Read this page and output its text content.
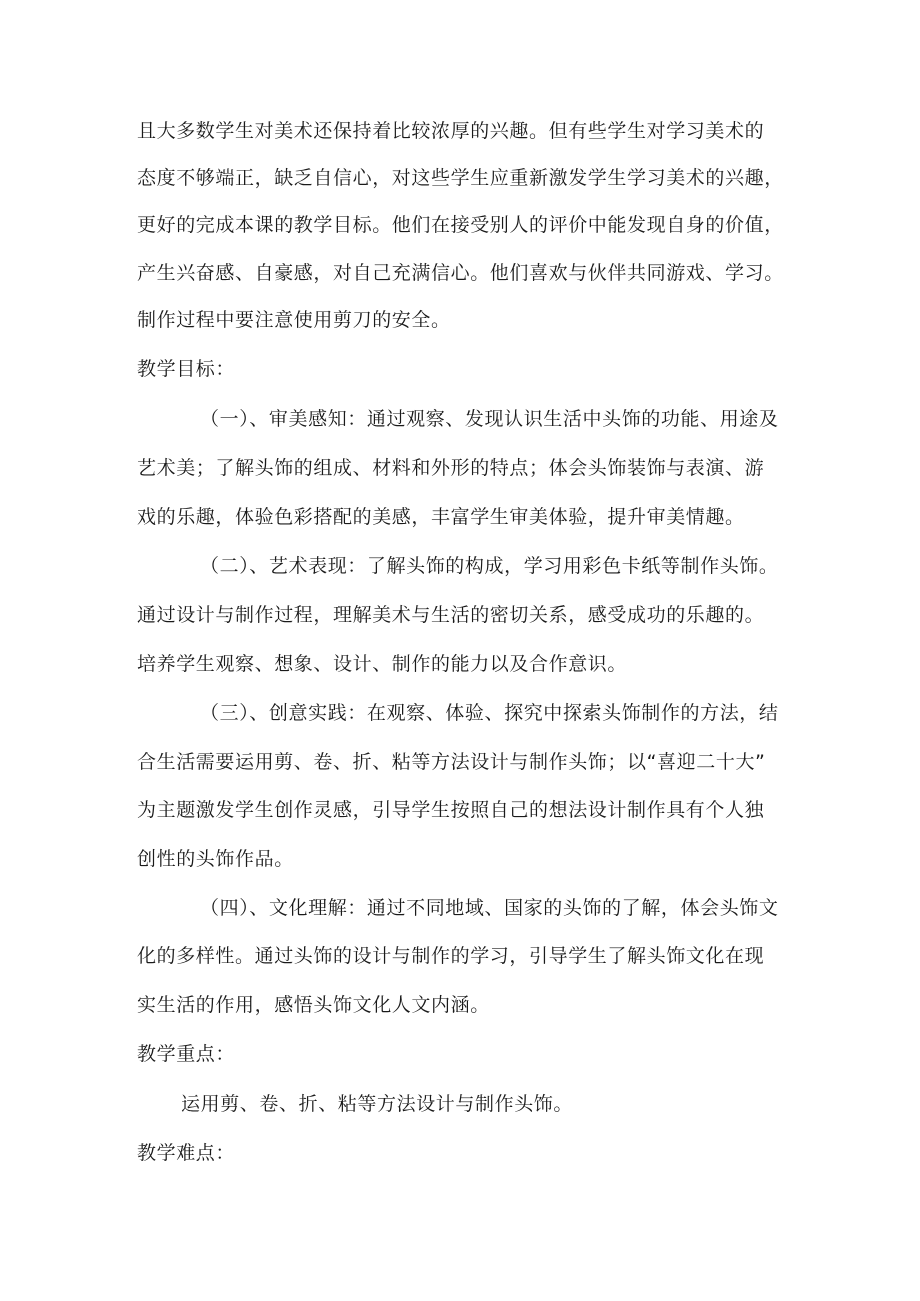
且大多数学生对美术还保持着比较浓厚的兴趣。但有些学生对学习美术的
态度不够端正，缺乏自信心，对这些学生应重新激发学生学习美术的兴趣，
更好的完成本课的教学目标。他们在接受别人的评价中能发现自身的价值，
产生兴奋感、自豪感，对自己充满信心。他们喜欢与伙伴共同游戏、学习。
制作过程中要注意使用剪刀的安全。
教学目标：
（一）、审美感知：通过观察、发现认识生活中头饰的功能、用途及
艺术美；了解头饰的组成、材料和外形的特点；体会头饰装饰与表演、游
戏的乐趣，体验色彩搭配的美感，丰富学生审美体验，提升审美情趣。
（二）、艺术表现：了解头饰的构成，学习用彩色卡纸等制作头饰。
通过设计与制作过程，理解美术与生活的密切关系，感受成功的乐趣的。
培养学生观察、想象、设计、制作的能力以及合作意识。
（三）、创意实践：在观察、体验、探究中探索头饰制作的方法，结
合生活需要运用剪、卷、折、粘等方法设计与制作头饰；以“喜迎二十大”
为主题激发学生创作灵感，引导学生按照自己的想法设计制作具有个人独
创性的头饰作品。
（四）、文化理解：通过不同地域、国家的头饰的了解，体会头饰文
化的多样性。通过头饰的设计与制作的学习，引导学生了解头饰文化在现
实生活的作用，感悟头饰文化人文内涵。
教学重点：
运用剪、卷、折、粘等方法设计与制作头饰。
教学难点：
